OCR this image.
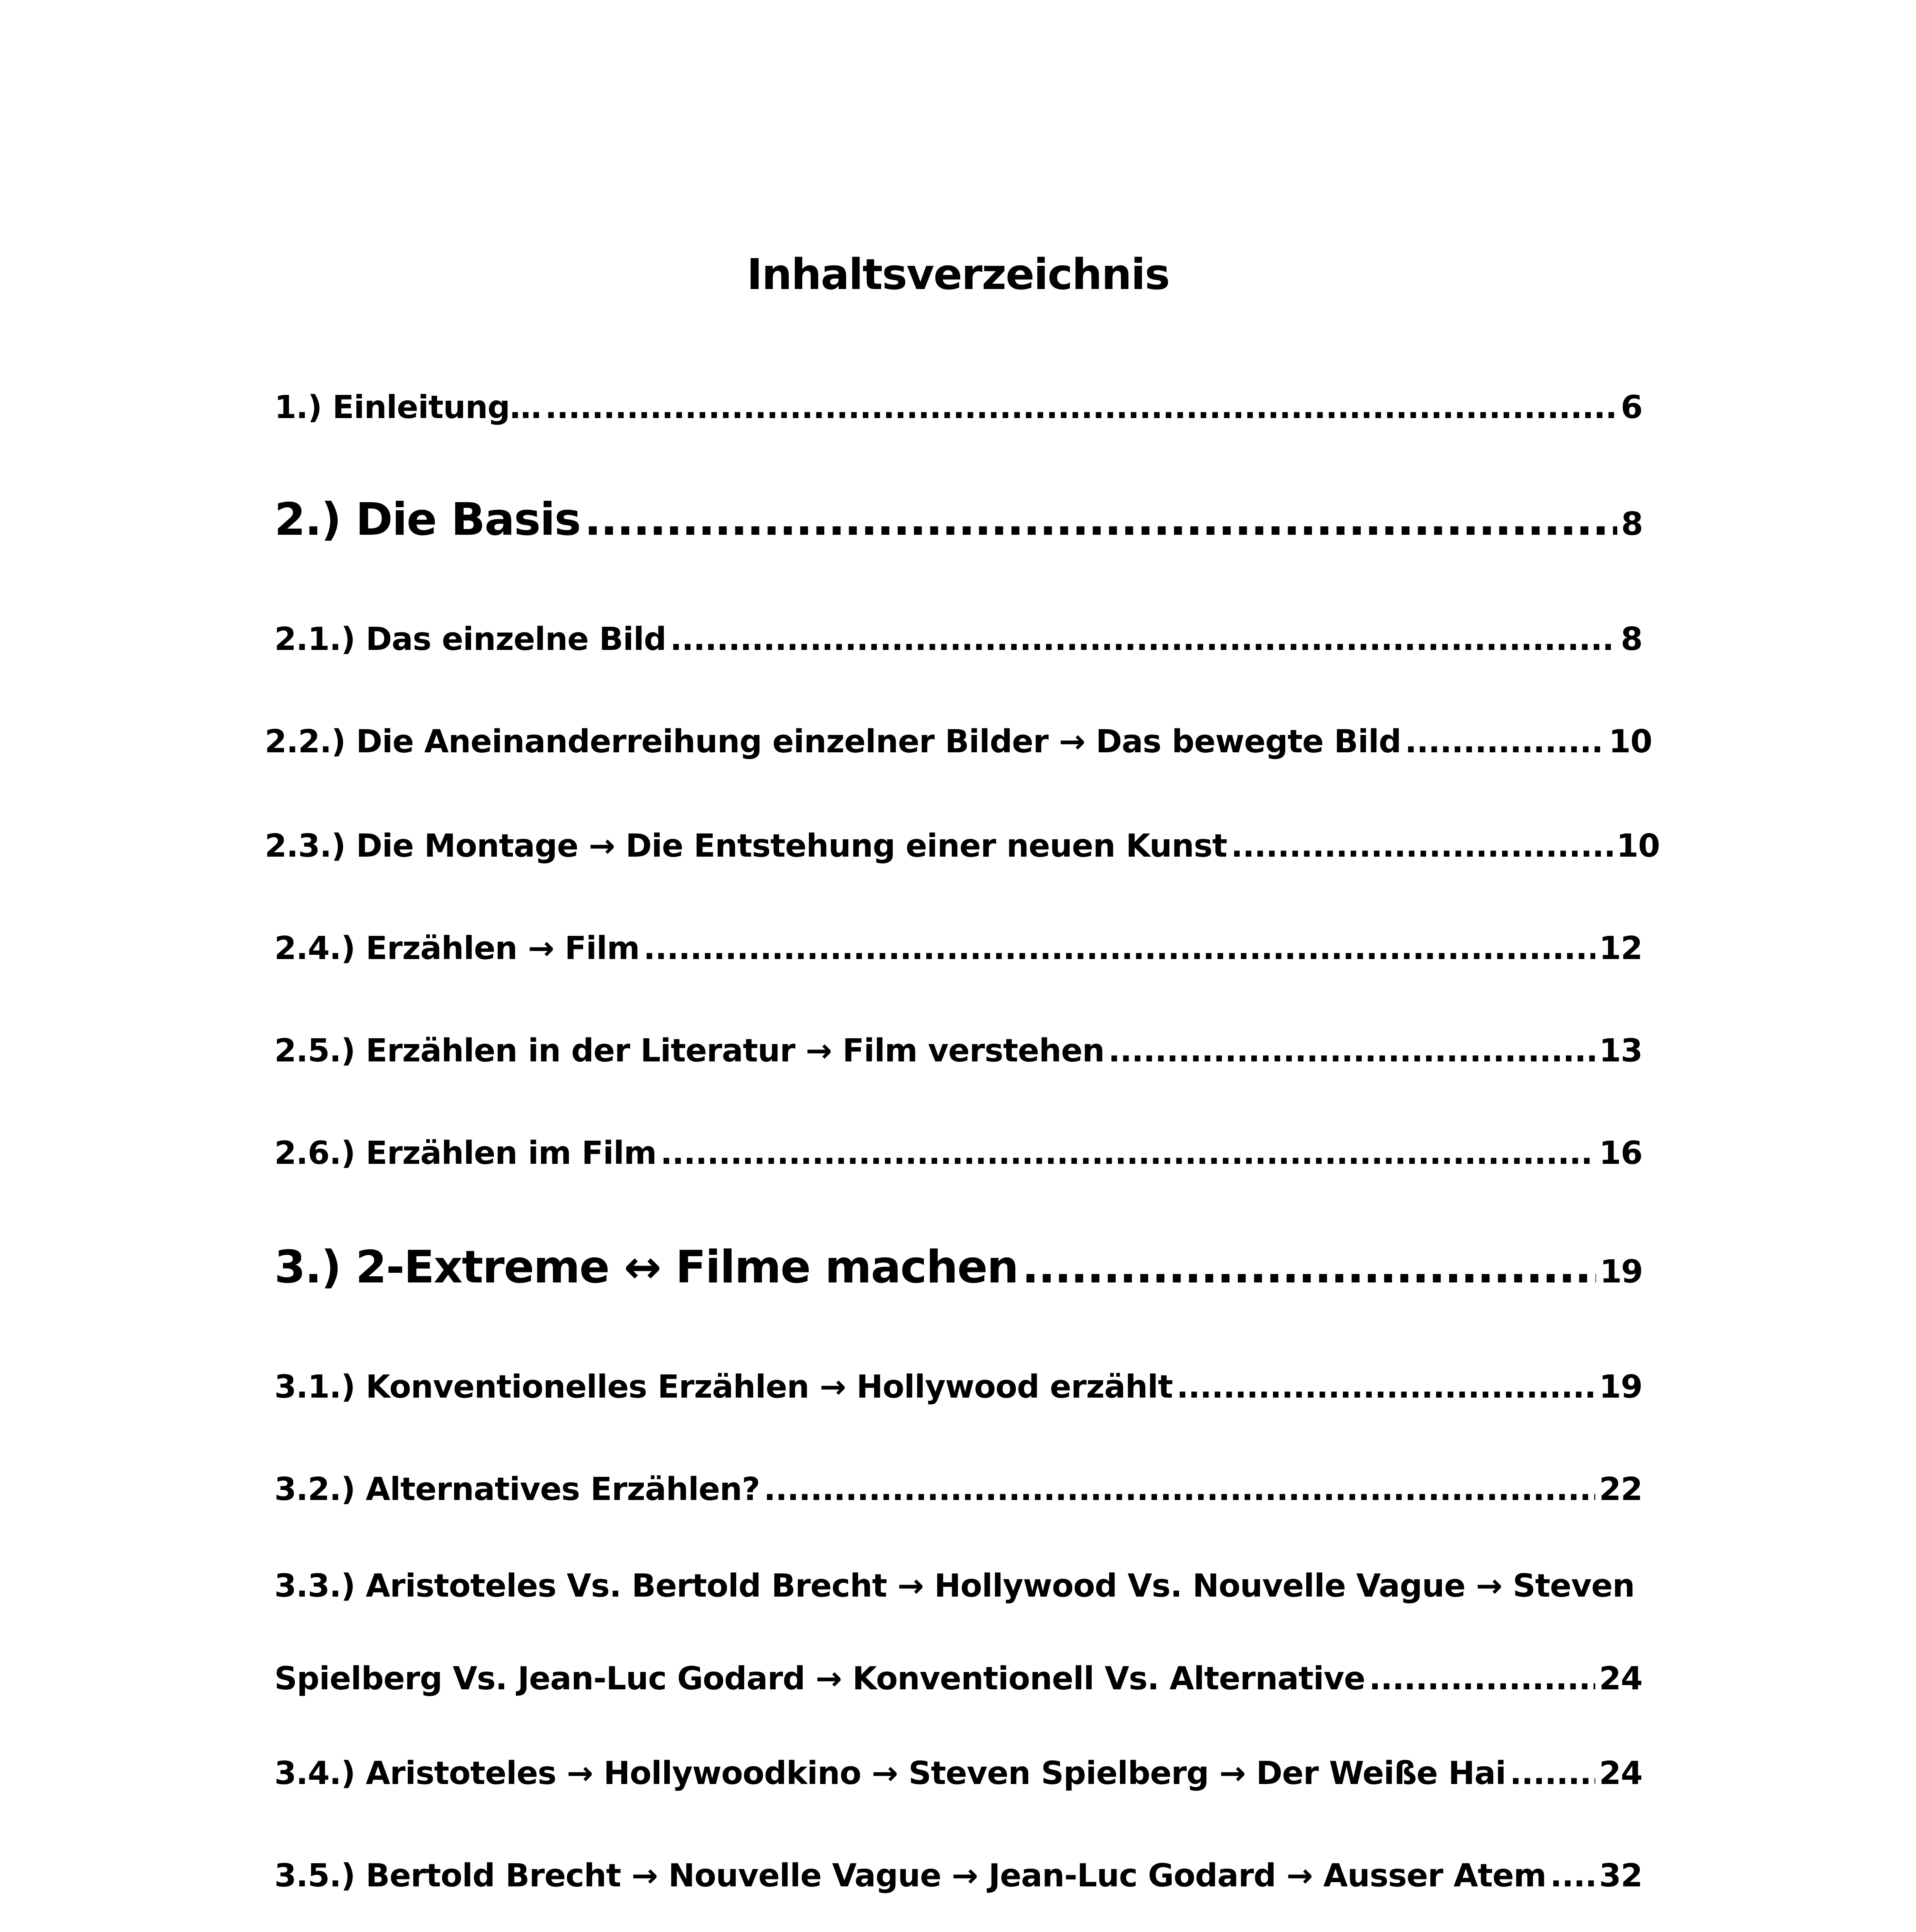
Inhaltsverzeichnis
1.) Einleitung… .....	6
2.) Die Basis .....	8
2.1.) Das einzelne Bild .....	8
2.2.) Die Aneinanderreihung einzelner Bilder → Das bewegte Bild .....	10
2.3.) Die Montage → Die Entstehung einer neuen Kunst .....	10
2.4.) Erzählen → Film .....	12
2.5.) Erzählen in der Literatur → Film verstehen .....	13
2.6.) Erzählen im Film .....	16
3.) 2-Extreme ↔ Filme machen .....	19
3.1.) Konventionelles Erzählen → Hollywood erzählt .....	19
3.2.) Alternatives Erzählen? .....	22
3.3.) Aristoteles Vs. Bertold Brecht → Hollywood Vs. Nouvelle Vague → Steven
Spielberg Vs. Jean-Luc Godard → Konventionell Vs. Alternative .....	24
3.4.) Aristoteles → Hollywoodkino → Steven Spielberg → Der Weiße Hai .....	24
3.5.) Bertold Brecht → Nouvelle Vague → Jean-Luc Godard → Ausser Atem ..... 32
